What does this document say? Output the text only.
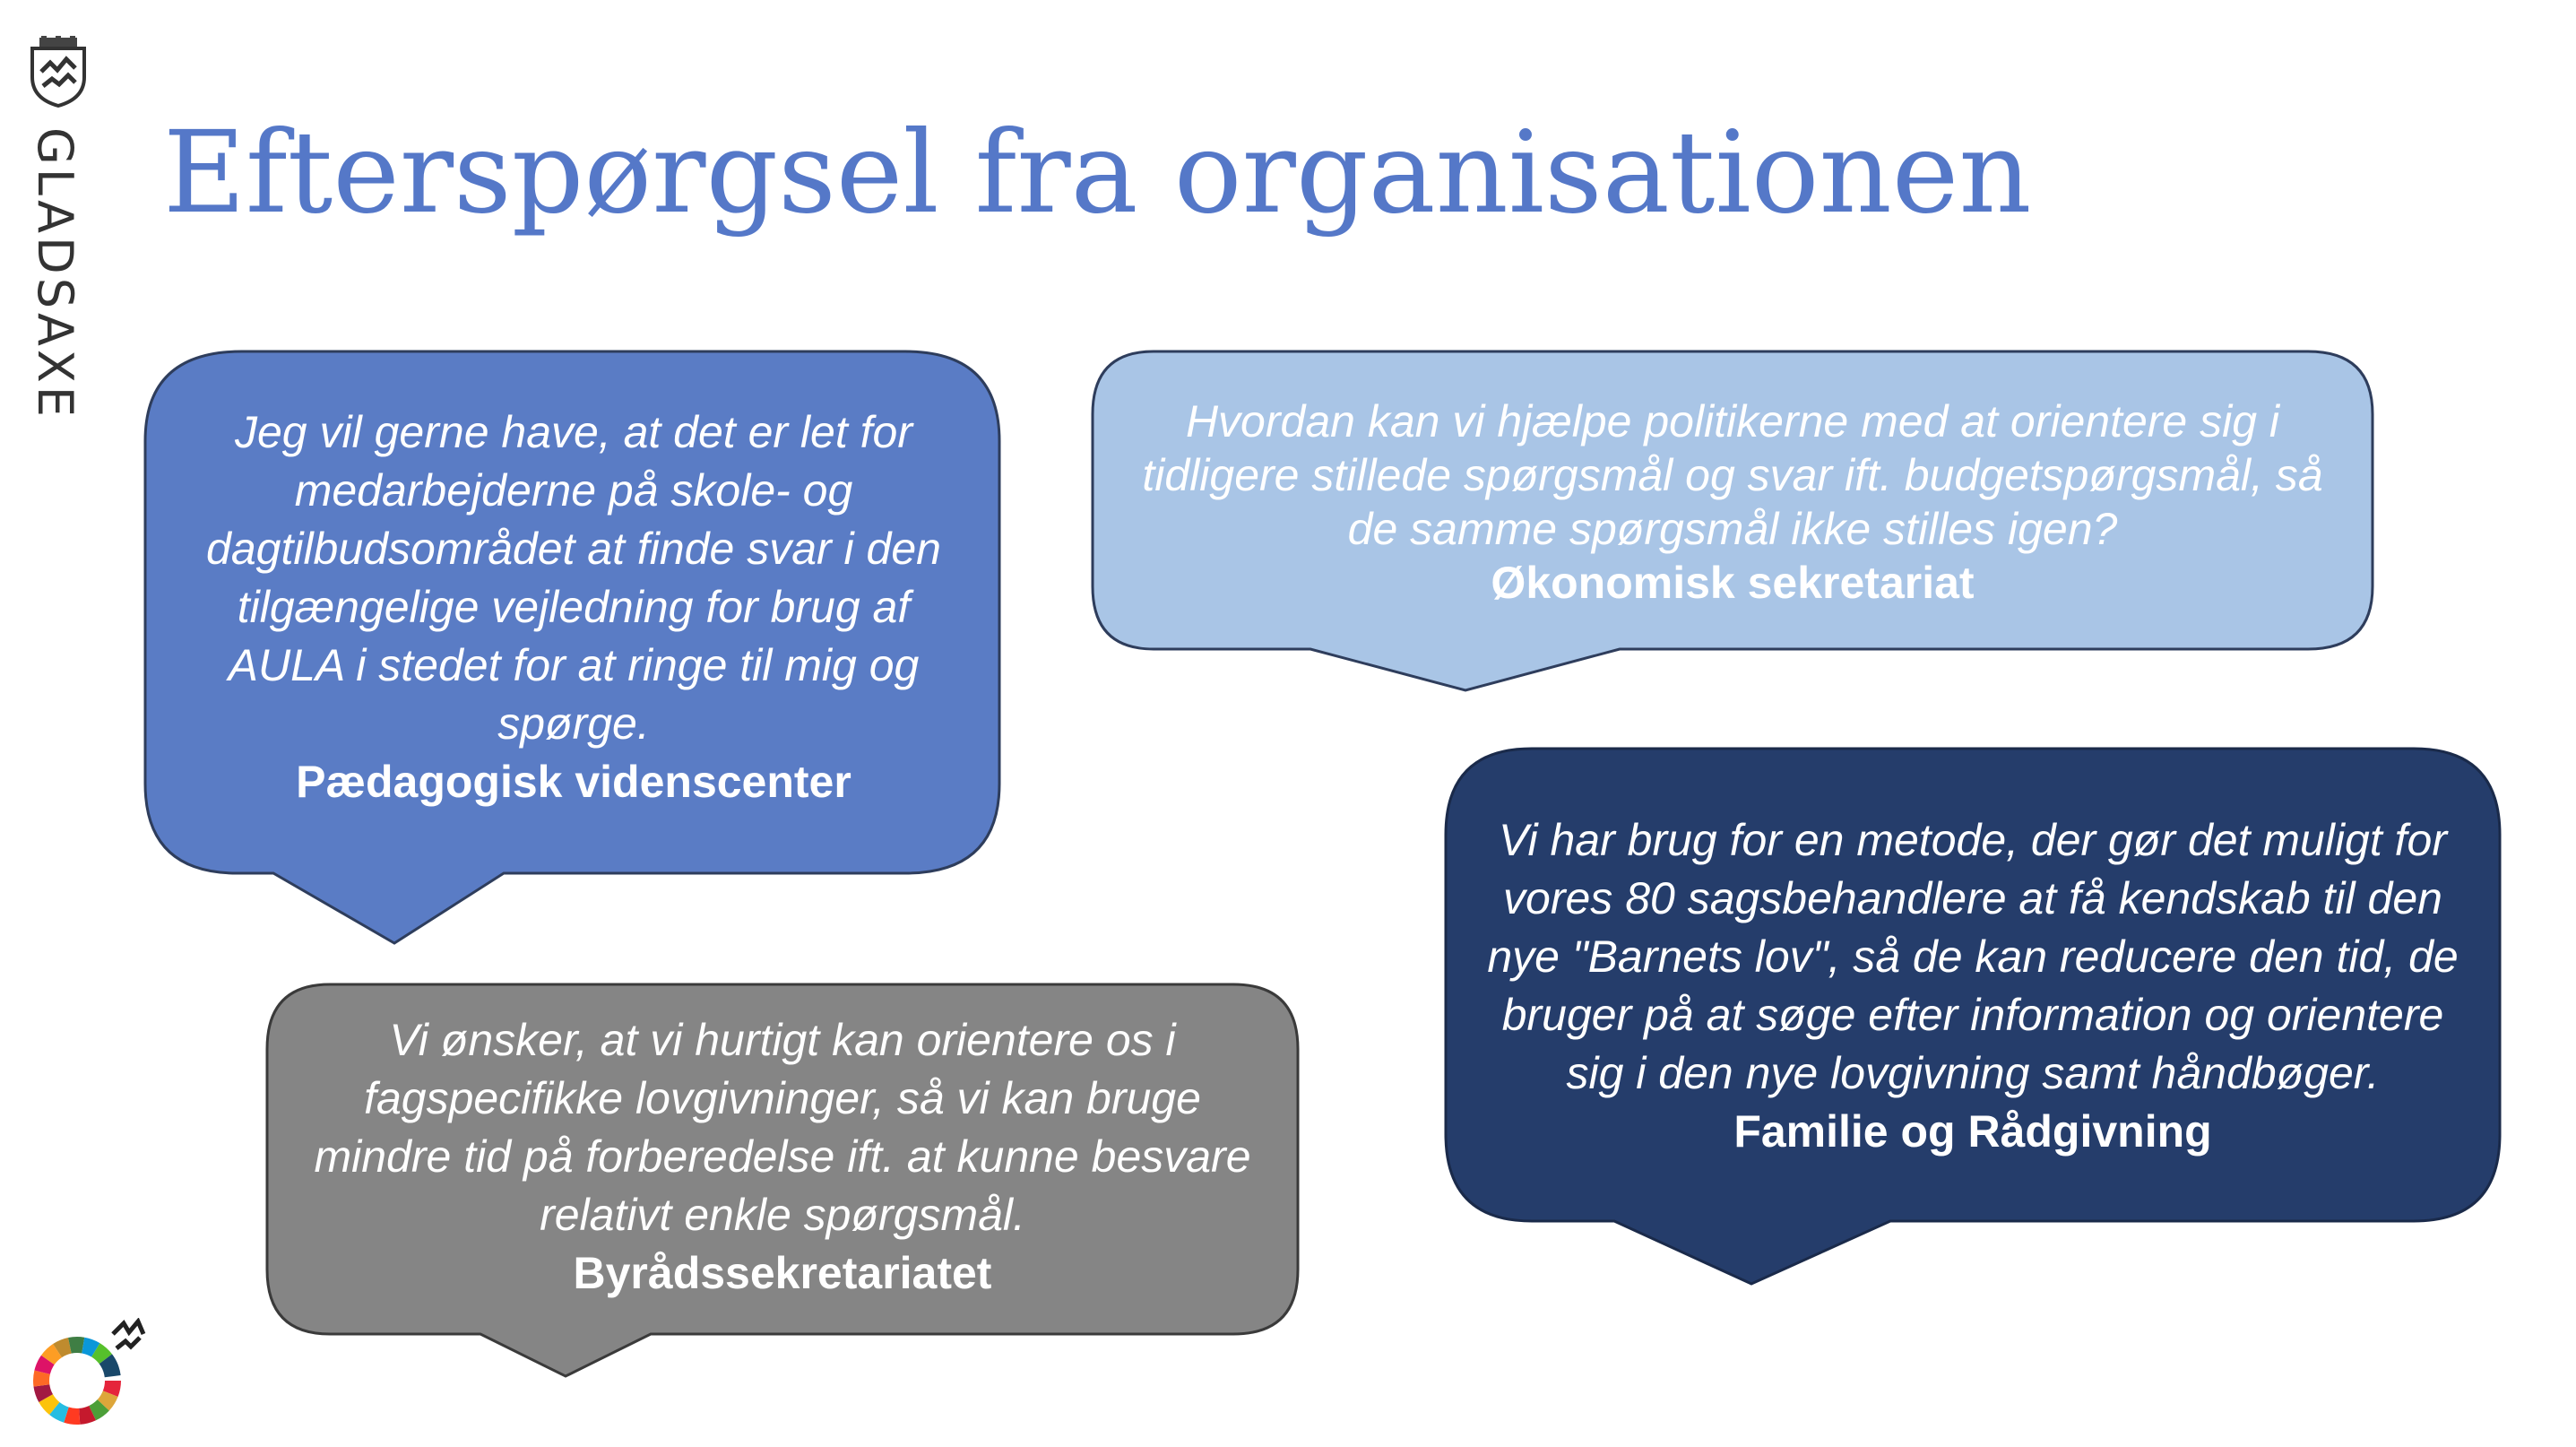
GLADSAXE Efterspørgsel fra organisationen
Jeg vil gerne have, at det er let for medarbejderne på skole- og dagtilbudsområdet at finde svar i den tilgængelige vejledning for brug af AULA i stedet for at ringe til mig og spørge.
Pædagogisk videnscenter
Hvordan kan vi hjælpe politikerne med at orientere sig i tidligere stillede spørgsmål og svar ift. budgetspørgsmål, så de samme spørgsmål ikke stilles igen?
Økonomisk sekretariat
Vi har brug for en metode, der gør det muligt for vores 80 sagsbehandlere at få kendskab til den nye "Barnets lov", så de kan reducere den tid, de bruger på at søge efter information og orientere sig i den nye lovgivning samt håndbøger.
Familie og Rådgivning
Vi ønsker, at vi hurtigt kan orientere os i fagspecifikke lovgivninger, så vi kan bruge mindre tid på forberedelse ift. at kunne besvare relativt enkle spørgsmål.
Byrådssekretariatet
